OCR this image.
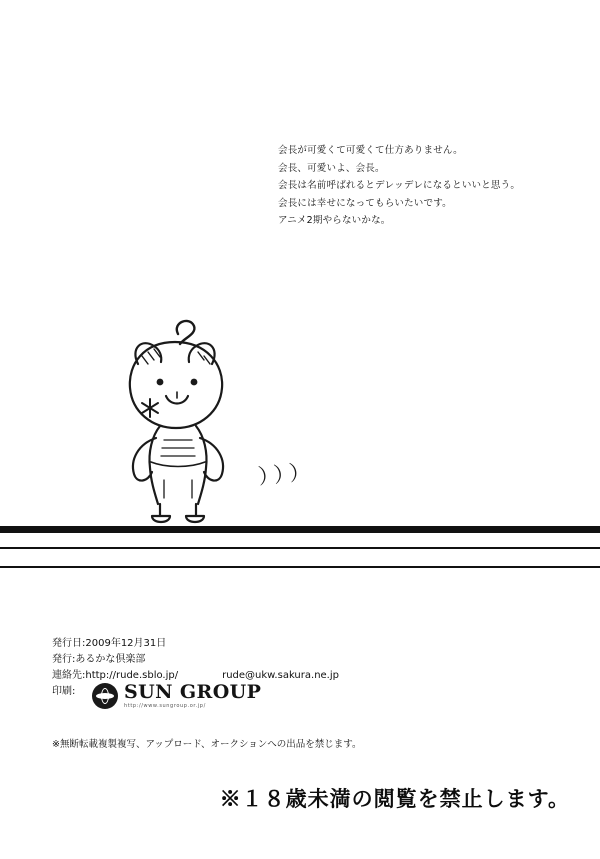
会長が可愛くて可愛くて仕方ありません。
会長、可愛いよ、会長。
会長は名前呼ばれるとデレッデレになるといいと思う。
会長には幸せになってもらいたいです。
アニメ2期やらないかな。
）））
発行日:2009年12月31日
発行:あるかな倶楽部
連絡先:http://rude.sblo.jp/	rude@ukw.sakura.ne.jp
印刷:	SUN GROUP
http://www.sungroup.or.jp/
※無断転載複製複写、アップロード、オークションへの出品を禁じます。
※１８歳未満の閲覧を禁止します。
